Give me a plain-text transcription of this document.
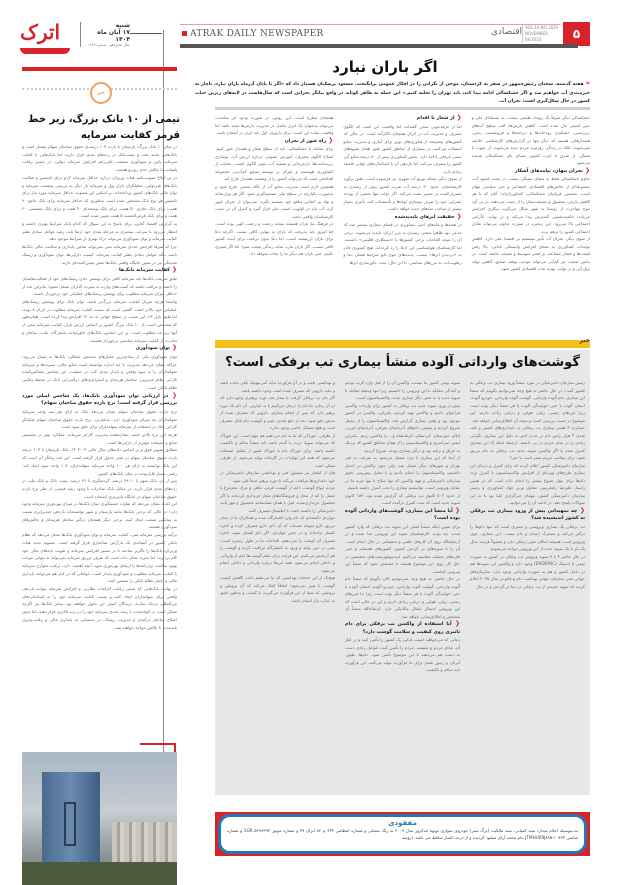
اترک	شنبه
۱۷ آبان ماه ۱۴۰۴
سال شانزدهم - شماره ۱۶۲۹
ATRAK DAILY NEWSPAPER	اقتصادی VOL.16,NO.1629
NOVEMBER 08.2025	۵
خبر
نیمی از ۱۰ بانک بزرگ، زیر خط قرمز کفایت سرمایه

در میان ۱۰ بانک بزرگ، پارسیان با بازده ۱۰۷ درصدی حقوق صاحبان سهام پیشتاز است و بانک‌هایی مانند ملت و پست‌بانک در رده‌های بعدی قرار دارند، اما بانک‌هایی با کفایت سرمایه پایین و سودآوری ضعیف، علی‌رغم افزایش سرمایه دولتی، در مسیر رقابت پلیمانت با چالش جدی روبرو هستند.

در پی ابلاغ تصویب‌نامه هیات وزیران درباره حداقل سرمایه لازم برای تاسیس و فعالیت بانک‌های غیردولتی، تحلیلگران بازار پول و سرمایه بار دیگر به بررسی وضعیت سرمایه و توان مالی بانک‌های کشور پرداخته‌اند. بر اساس این مصوبه، حداقل سرمایه مورد نیاز برای تاسیس هر نوع بانک مشخص شده است به‌طوری که حداقل سرمایه برای بانک جامع ۹۰ همت، برای بانک تجاری ۵۰ همت، برای بانک توسعه‌ای ۴۰ همت و برای بانک تخصصی ۳۰ همت و برای بانک قرض‌الحسنه ۵ همت تعیین شده است.

به گزارش اقتصاد آنلاین، برای پاسخ به این سوال که کدام بانک شرایط بهتری داشته و انتظار می‌رود با سرعت بیشتری به مرحله بعدی خود ارتقا یابد، رصد عوامل بنیادی نظیر کفایت سرمایه و توان سودآوری می‌تواند درک بهتری از شرایط موجود دهد.

چرا که صرفا افزایش عددی سرمایه ثبتی نمی‌تواند ضامن پایداری و سلامت مالی بانک‌ها باشد، بلکه عوامل بنیادی نظیر کفایت سرمایه، کیفیت دارایی‌ها، توان سودآوری و ریسک نقدینگی نیز در تعیین جایگاه واقعی بانک‌ها نقش تعیین‌کننده‌ای دارند.

❮ کفایت سرمایه بانک‌ها

طبق تعریف، بانک‌ها باید سرمایه کافی برای پوشش دادن ریسک‌های خود از فعالیت‌هایشان را داشته و مراقب باشند که آسیب‌های وارده به سپرده گذاران منتقل نشود؛ بنابراین باید از حداقل میزان سرمایه مطلوب برای پوشش ریسک‌های عملیاتی خود برخوردار باشند.

واضحا هرچه میزان کفایت سرمایه بزرگ‌تر باشد، توان بانک برای پوشش ریسک‌های عملیاتی خود بالاتر است. گفتنی است که نسبت کفایت سرمایه مطلوب در ایران ۸ بوده، اما طبق بازل ۱۳، این نسبت در سطح جهانی به حد ۱۲ افزایش پیدا کرده است. همان‌طور که مشخص است، از ۱۰ بانک بزرگ کشور بر اساس ارزش بازار، کفایت سرمایه نیمی از آنها زیر حد مطلوب است. بر این اساس، بانک‌های خاورمیانه، پاسارگاد، ملت، سامان و تجارت، از کفایت سرمایه مناسبی برخوردار هستند.

❮ توان سودآوری

توان سودآوری یکی از بنیادی‌ترین معیارهای سنجش عملکرد بانک‌ها به شمار می‌رود؛ چراکه نشان می‌دهد مدیریت تا چه اندازه توانسته است منابع مالی، سپرده‌ها و سرمایه سهامداران را به سود واقعی و پایدار تبدیل کند. در حقیقت، این شاخص منعکس‌کننده کارایی نظام مدیریتی، ساختار هزینه‌ای و استراتژی‌های درآمدزایی بانک در محیط رقابتی نظام بانکی است.

❮ در ارزیابی توان سودآوری بانک‌ها، یک شاخص اصلی مورد بررسی قرار گرفته است؛ نرخ بازده حقوق صاحبان سهام؟

نرخ بازده حقوق صاحبان سهام نشان می‌دهد بانک به ازای هر صد واحد سرمایه سهامداران چه میزان سودآوری دارد. به‌عبارتی، نرخ بازده حقوق صاحبان سهام نمایانگر کارایی بانک در استفاده از سرمایه سهامداران برای خلق سود است.

هرچه این نرخ بالاتر باشد، نشان‌دهنده مدیریت کاراتر سرمایه، عملکرد بهتر در تخصیص منابع و استفاده مؤثرتر از دارایی‌ها است.

مطابق تصویر فوق و بر اساس داده‌های سال مالی ۰۳-۱۴۰۲، بانک پارسیان با ۱۰۷ درصد بازده حقوق صاحبان سهام در صدر جدول قرار گرفته است. این عدد بیانگر آن است که این بانک توانسته به ازای هر ۱۰۰ واحد سرمایه سهامداران، ۱۰۷ واحد سود ایجاد کند؛ رقمی بسیار قابل‌توجه در میان بانک‌های کشور.

پس از آن، بانک شهر با ۶۹.۱۰ درصد، گردشگری با ۷۱ درصد، پست بانک و بانک ملت در رده‌های بعدی قرار دارند. در مقابل بانک صادرات با وجود رشد قیمتی، از نظر نرخ بازده حقوق صاحبان سهام در جایگاه پایین‌تری ایستاده است.

این اعداد نشان می‌دهد که تفاوت چشمگیری میان بانک‌ها در میزان بهره‌وری سرمایه وجود دارد؛ در حالی که برخی بانک‌ها مانند پارسیان و شهر توانسته‌اند بازدهی چندبرابری نسبت به میانگین صنعت ایجاد کنند، برخی دیگر همچنان درگیر ساختار هزینه‌ای و چالش‌های سودآوری هستند.

برآیند بررسی سرمایه ثبتی، کفایت سرمایه و توان سودآوری بانک‌ها نشان می‌دهد که نظام بانکی کشور در آستانه‌ی یک بازآرایی ساختاری قرار گرفته است. مصوبه جدید هیات وزیران، بانک‌ها را ناگزیر ساخته تا در مسیر افزایش سرمایه و تقویت پایه‌های مالی خود گام بردارند؛ اما تجربه نشان داده است که صرف تزریق سرمایه نمی‌تواند به تنهایی موجب بهبود سلامت ترازنامه‌ها یا ارتقای بهره‌وری شود. آنچه اهمیت دارد، ترکیب متوازن سرمایه با کفایت سرمایه مطلوب و سودآوری پایدار است؛ عواملی که در کنار هم می‌توانند پایداری مالی و اعتبار نظام بانکی را تضمین کنند.

در نهایت بانک‌هایی که ضمن رعایت الزامات نظارتی و افزایش سرمایه بتوانند بازدهی واقعی برای سهامداران ایجاد کنند و نسبت کفایت سرمایه خود را به استانداردهای بین‌المللی نزدیک سازند، برندگان اصلی این تحول خواهند بود. سایر بانک‌ها نیز اگرچه ممکن است در کوتاه‌مدت با رشد عددی سرمایه خود را در رده بالاتری قرار دهند، اما بدون اصلاح ساختار درآمدی و مدیریت ریسک، در دستیابی به پایداری مالی و رقابت‌پذیری بلندمدت با چالش مواجه خواهند شد.

اگر باران نبارد
« هفته گذشته، سخنان رئیس‌جمهور در سفر به کردستان، موجی از نگرانی را در افکار عمومی برانگیخت. مسعود پزشکیان هشدار داد که «اگر تا پایان آذرماه باران نبارد، ناچار به جیره‌بندی آب خواهیم شد و اگر خشکسالی ادامه پیدا کند، باید تهران را تخلیه کنیم.» این جمله به ظاهر کوتاه، در واقع بیانگر بحرانی است که سال‌هاست در لایه‌های زیرین حیات کشور در حال شکل‌گیری است: بحران آب.

خشکسالی دیگر صرفاً یک رویداد طبیعی نیست، به مسئله‌ای ملی و حتی امنیتی بدل شده است. کاهش بارش‌ها، افت سطح آب‌های زیرزمینی، خشکیدن رودخانه‌ها و دریاچه‌ها و فرونشست زمین، هشدارهایی هستند که دیگر تنها در گزارش‌های کارشناسی خلاصه نمی‌شوند، بلکه در زندگی روزمره مردم دیده می‌شوند. از جنوب تا شمال، از شرق تا غرب کشور، صدای پای خشکسالی شنیده می‌شود.

❮ بحران پنهان، پیامدهای آشکار

تداوم خشکسالی فقط به معنای تشنگی نیست. در پشت کمبود آب، مجموعه‌ای از چالش‌های اقتصادی، اجتماعی و حتی سیاسی پنهان است. نخستین قربانیان خشکسالی، کشاورزان‌اند؛ آنان که با هر کاهش بارش، محصول و معیشت‌شان را از دست می‌دهند. در پی آن، موج مهاجرت از روستا به شهر شکل می‌گیرد، بیکاری افزایش می‌یابد، حاشیه‌نشینی گسترش پیدا می‌کند و در نهایت ناآرامی اجتماعی بالا می‌رود. این زنجیره در صورت تداوم، می‌تواند تعادل اجتماعی کشور را برهم بزند.

از سوی دیگر، بحران آب تأثیر مستقیم بر اقتصاد ملی دارد. کاهش تولیدات کشاورزی به معنای افزایش وابستگی غذایی، بالا رفتن قیمت‌ها و فشار مضاعف بر قشر متوسط و ضعیف جامعه است. در بخش صنعت نیز کم‌آبی می‌تواند موجب توقف صنایع، کاهش تولید برق آبی و در نهایت تهدید ثبات اقتصادی کشور شود.

❮ از شعار تا اقدام

اما از مرفه‌جویی سخن گفته‌اند، اما واقعیت این است که الگوی مصرف و مدیریت آب در ایران همچنان ناکارآمد است. در حالی که کشورهای پیشرفته از فناوری‌های نوین برای آبیاری و مدیریت منابع استفاده می‌کنند، در بسیاری از مناطق کشور هنوز همان شیوه‌های سنتی غرقابی ادامه دارد. بخش کشاورزی بیش از ۸۰ درصد منابع آبی کشور را مصرف می‌کند، اما بازدهی آن با استانداردهای جهانی فاصله زیادی دارد.

از سوی دیگر، شبکه توزیع آب شهری نیز فرسوده است. طبق برآورد کارشناسان، حدود ۳۰ درصد آب شرب کشور پیش از رسیدن به مصرف‌کننده در مسیر نشت می‌کند. اگر دولت تنها بخشی از بودجه عمرانی خود را صرف نوسازی لوله‌ها و تأسیسات کند، تأثیری بسیار بیشتر از ساخت سدهای جدید خواهد داشت.

❮ حقیقت ابرهای ناپدیدشده

در هفته‌ها و ماه‌های اخیر، تصاویری در فضای مجازی منتشر شد که مدعی بود ظاهرا بمعنی رسیدن به مرز ایران، ناپدید می‌شوند. برخی آن را نتیجه اقدامات برخی کشورها یا «دستکاری اقلیمی» دانستند. اما کارشناسان هواشناسی این ادعا را رد کرده‌اند. هیچ کشوری قادر به «دزدیدن ابرها» نیست. پدیده‌های جوی تابع شرایط فشار، دما و رطوبت‌اند، نه مرزهای سیاسی. با این حال، بحث خاورسازی ابرها

همچنان مطرح است. این روش، در صورت وجود ابر مناسب، می‌تواند به‌عنوان یک ابزار مکمل در مدیریت بارش‌ها مفید باشد اما واقعیت ساده این است: برای باروری، اول باید ابری در آسمان باشد.

❮ راه عبور از بحران

برای مقابله با خشکسالی، باید از سطح شعار و هشدار عبور کنیم. اصلاح الگوی مصرف، آموزش عمومی درباره ارزش آب، نوسازی زیرساخت‌ها، بازچرخانی و تصفیه آب، تغییر الگوی کشت، حمایت از کشاورزی هوشمند و تمرکز بر توسعه صنایع کم‌آب‌بر، مجموعه اقداماتی است که می‌تواند کشور را از وضعیت هشدار خارج کند.

همچنین لازم است مدیریت منابع آب از نگاه بخشی خارج شود و به‌صورت یکپارچه در سطح ملی تصمیم‌گیری شود. اگر هر وزارتخانه و نهاد بر اساس منافع خود تصمیم بگیرد، نمی‌توان از بحران عبور کرد. آب باید در اولویت امنیت ملی قرار گیرد و کنترل آن در دست کارشناسان واقعی باشد.

در فرهنگ ما، باران همیشه نشانه رحمت و رحمت الهی بوده است. اما امروز باید پذیرفت که باران به تنهایی کافی نیست. اگرچه دعا برای باران ارزشمند است، اما دعا بدون برنامه، برای آینده کشور کافی نیست. اگر باران نبارد، شاید زندگی سخت شود؛ اما اگر تغییری نکنیم، حتی باران هم دیگر ما را نجات نخواهد داد.

خبر
گوشت‌های وارداتی آلوده منشأ بیماری تب برفکی است؟

رئیس سازمان دامپزشکی در مورد منشأ ورود بیماری تب برفکی به کشور گفت: در حال حاضر به هیچ وجه نمی‌توانیم بگوییم که منشأ این بیماری، دام آلوده وارداتی، گوشت آلوده وارداتی، خودرو آلوده، انسان آلوده یا حتی خوابیدگی آلوده یا هر منشأ دیگر بوده است زیرا مرزهای زمینی، ریلی، هوایی و دریایی زیادی داریم. این موضوع در دست بررسی است و نتیجه آن اطلاع‌رسانی خواهد شد.

خسارت ۴ همتی بیماری تب برفکی به دامداری‌های کشور و تلف شدن ۴ هزار راس دام در مدت اخیر به دلیل این بیماری، نگرانی زیادی را در میان مردم در پی داشته، ازجمله اینکه آیا این بیماری کنترل شده یا اگر واکسن سویه جدید تب برفکی به دام تزریق شود، برای سلامت مردم مضر است یا خیر؟

سازمان دامپزشکی کشور اعلام کرده که برای کنترل و درمان این بیماری طرح‌های ویژه‌ای از افزایش واکسیناسیون تا کنترل تردد دام‌ها برای مهار شیوع بیشتر را انجام داده است که در همین راستا، علیرضا رفیعی‌پور، معاون وزیر جهاد کشاورزی و رئیس سازمان دامپزشکی کشور، مهمان خبرگزاری ایلنا بود تا به این سوالات پاسخ دهد. در ادامه آن را می‌خوانید.

❮ چه تمهیداتی پیش از ورود بیماری تب برفکی به کشور اندیشیده شد؟

تب برفکی یک بیماری ویروسی و مسری است که تنها دام‌ها را درگیر می‌کند و مشترک انسان و دام نیست. این بیماری، چون ویروس است همیشه امکان تغییر ژنتیکی دارد و معمولاً هرچند سال یک بار با یک سویه جدید از این ویروس مواجه می‌شویم.

در حال حاضر ۴ یا ۷ سویه ویروس تب برفکی در کشور به صورت بومی یا اندمیک (ENDEMIC) وجود دارد و واکسن این سویه‌ها هم در داخل کشور و هم به صورت وارداتی وجود دارد. سازمان‌های جهانی یعنی سازمان جهانی بهداشت دام و فائو در سال ۲۰۲۵ اعلام کردند که سویه جدیدی از تب برفکی در دنیا در گردش و در حال

سویه بومی کشور ما نیست، واکسن آن را از قبل وارد کرده بودیم و آمادگی مقابله با این ویروس را داشتیم زیرا تنها وسیله مقابله با سویه جدید یا به تعبیر دیگر بیماری جدید، واکسیناسیون است.

پیش از ورود سویه جدید تب برفکی به کشور برای واردات واکسن فراخوان دادیم و واکسن تهیه کردیم، بنابراین، واکسن در کشور موجود بود و وقتی بیماری گزارش شد، واکسیناسیون را از زمتیل شروع کردیم و سپس، دام‌های آذربایجان شرقی، آذربایجان غربی، ایلام، خوزستان، کردستان، کرمانشاه و... را واکسن زدیم. بنابراین ایمنی سراسری و واکسیناسیون را از همان مناطق کشور که نزدیک به عراق و ترکیه بود و درگیر بیماری بودند، شروع کردیم.

از آنجا که این بیماری با تردد منتقل می‌شود به سرعت به قم، تهران و شهرهای دیگر منتقل شد، ولی چون واکسن در اختیار داشتیم، واکسیناسیون را انجام دادیم و با تحلیل پیش‌بینی دقیق سازمان دامپزشکی و تهیه واکسن که تنها سلاح یا تنها حربه ما در مقابل ویروس است، توانستیم بیماری را تحت کنترل داشته باشیم.

از حدود ۵۰۲ کانون تب برفکی که گزارش شده بود، ۱۸۹ کانون سویه جدید است که تحت کنترل درآمده است.

❮ آیا منشأ این بیماری، گوشت‌های وارداتی آلوده بوده است؟

برای تعیین اینکه منشأ اصلی این سویه تب برفکی که وارد کشور شده، چه بوده، کارشناسان نمونه این ویروس جدا شده و در آزمایشگاه روی آن کارهای علمی و تحقیقاتی در حال انجام است. آن را با سویه‌های در گردش کشور، کشورهای همسایه و حتی قاره‌های مختلف مقایسه می‌کنیم. اپیدمیولوژیست‌های متخصص در حال کار روی این موضوع هستند تا مشخص شود که منشأ این ویروس کجاست.

در حال حاضر، به هیچ وجه نمی‌توانیم الان بگوییم که منشأ دام آلوده وارداتی، گوشت آلوده وارداتی، خودرو آلوده، انسان آلوده یا حتی خوابیدگی آلوده یا هر منشأ دیگر بوده است زیرا ما مرزهای زمینی، ریلی، هوایی و دریایی زیادی داریم و این در حالی است که این ویروس احتمال انتقال مکانیکی دارد. ان‌شاءالله منشأ آن مشخص و اطلاع‌رسانی خواهد شد.

❮ آیا استفاده از واکسن تب برفکی برای دام تاثیری روی کیفیت و سلامت گوشت دارد؟

زمانی که می‌خواهید امنیت غذایی یک کشور را تأمین کنید و در کنار آن، غذای مردم و معیشت مردم را تأمین کنید، عوامل زیادی دست به دست هم می‌دهند تا این موضوع تأمین شود. دام‌ها، طیور، آبزیان و زنبور عسل برای ما فرآورده تولید می‌کنند. این فرآورده باید سالم و باکیفیت

و بهداشتی باشد و در آن فرآورده نباید آنتی‌بیوتیک باقی مانده باشد و نباید دارویی که مصرف شده است وجود داشته باشد.

اگر دام تب برفکی گرفت یا بیمار شد دوره پرهیزی وجود دارد که در آن زمان، ما دام را درمان می‌کنیم یا به عبارتی، آن دام یک دوره پرهیز دارد که پس از اتمام بیماری، دارویی که مصرف شده از بدنش دفع شود، بعد از دفع شدن، شیر و گوشت دام قابل مصرف است و هیچ مشکل خاصی وجود ندارد.

از طرفی، خوراکی که ما به دام می‌دهیم هم مهم است. این خوراک که می‌تواند سویا، ذرت یا گندم باشد باید منشأ سالم و باکیفیت داشته باشد. برای خوراک دام یا خوراک طیور از مکمل استفاده می‌شود که همه این تولیدات در کارخانه تولید می‌شود. از طرفی ممکن است

قبل از کشتار نیز مسئول فنی و بهداشتی سازمان دامپزشکی در خود دامداری‌ها مراقبت می‌کند تا دوره پرهیز حتماً طی شود.

مردم انواع گوشت، اعم از گوشت قرمز، ماهی و مرغ، تخم‌مرغ یا عسل را که از محل و فروشگاه‌های مجاز خریداری کرده‌اند یا اگر محصول خریداری‌شده، لیبل یا همان شناسنامه محصول و مهر تأیید دامپزشکی را داشته باشد، با اطمینان مصرف کنند.

مواردی داشته‌ایم که دام وارد کشتارگاه شده و همکاران ما از محل تزریق دارو متوجه شده‌اند که آن دام، دارو مصرف کرده و اجازه کشتار نداده‌اند و در چنین مواردی، اگر دام کشتار شود، اجازه مصرف آن گوشت را نمی‌دهیم. اقدامات ما در طول زنجیره است؛ یعنی در حین تولید و ورود به کشتارگاه مراقبت کرده و گوشت را هم آزمایش می‌کنیم. این فرایند برای تمام گوشت‌ها اعم از وارداتی و داخلی انجام می‌شود. همه این‌ها درباره وارداتی و داخلی انجام می‌شود.

هیچ‌یک از این خدمات بهداشتی که ما می‌دهیم باعث کاهش کیفیت گوشت یا شیر نمی‌شود؛ اتفاقاً کمک می‌کند که آن پروتئین و پروتئینی که شما از این فرآورده می‌گیرید، با کیفیت و به‌طور دقیق به اندازه نیاز انسان باشد.

مفقودی
به‌دینوسیله اعلام میدارد سند کمپانی، سند مالکیت (برگ سبز) خودروی سواری تویوتا لندکروز مدل ۲۰۰۹ به رنگ مشکی و شماره انتظامی ۹۴۴ م ۸۲ ایران ۴۷ و شماره موتور ۵۶۹۹۳۹۴ 1GR و شماره شاسی ۱۰۷۹۴-JTMHU09J۸۹۵ بنام محمد آرای مفقود گردیده و از درجه اعتبار ساقط می باشد. ارومیه
